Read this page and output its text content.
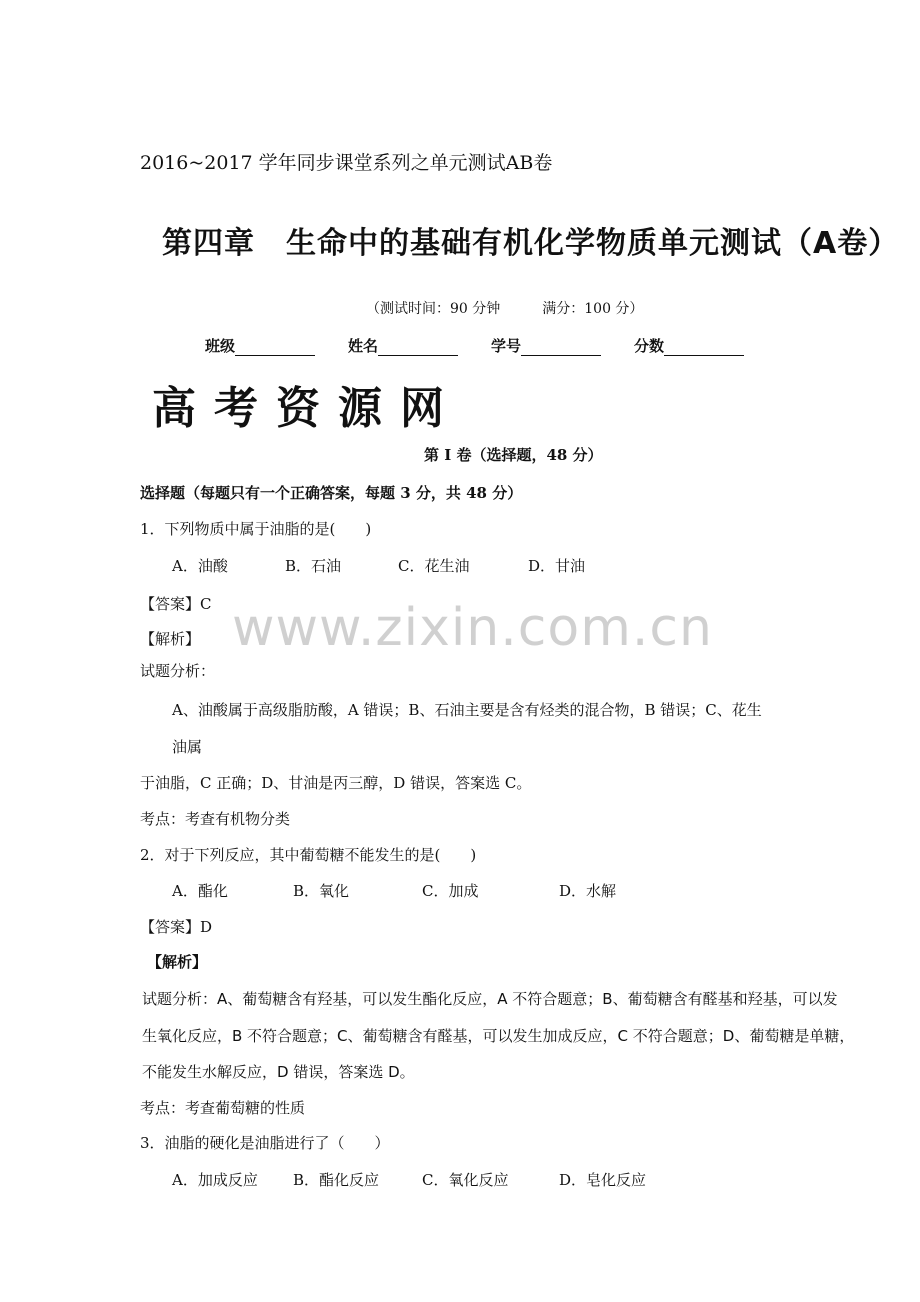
www.zixin.com.cn
2016~2017 学年同步课堂系列之单元测试AB卷
第四章　生命中的基础有机化学物质单元测试（A卷）
（测试时间：90 分钟	满分：100 分）
班级	姓名	学号	分数
高考资源网
第 I 卷（选择题，48 分）
选择题（每题只有一个正确答案，每题 3 分，共 48 分）
1．下列物质中属于油脂的是(　　)
A．油酸	B．石油	C．花生油	D．甘油
【答案】C
【解析】
试题分析：
A、油酸属于高级脂肪酸，A 错误；B、石油主要是含有烃类的混合物，B 错误；C、花生
油属
于油脂，C 正确；D、甘油是丙三醇，D 错误，答案选 C。
考点：考查有机物分类
2．对于下列反应，其中葡萄糖不能发生的是(　　)
A．酯化	B．氧化	C．加成	D．水解
【答案】D
【解析】
试题分析：A、葡萄糖含有羟基，可以发生酯化反应，A 不符合题意；B、葡萄糖含有醛基和羟基，可以发
生氧化反应，B 不符合题意；C、葡萄糖含有醛基，可以发生加成反应，C 不符合题意；D、葡萄糖是单糖，
不能发生水解反应，D 错误，答案选 D。
考点：考查葡萄糖的性质
3．油脂的硬化是油脂进行了（　　）
A．加成反应	B．酯化反应	C．氧化反应	D．皂化反应
